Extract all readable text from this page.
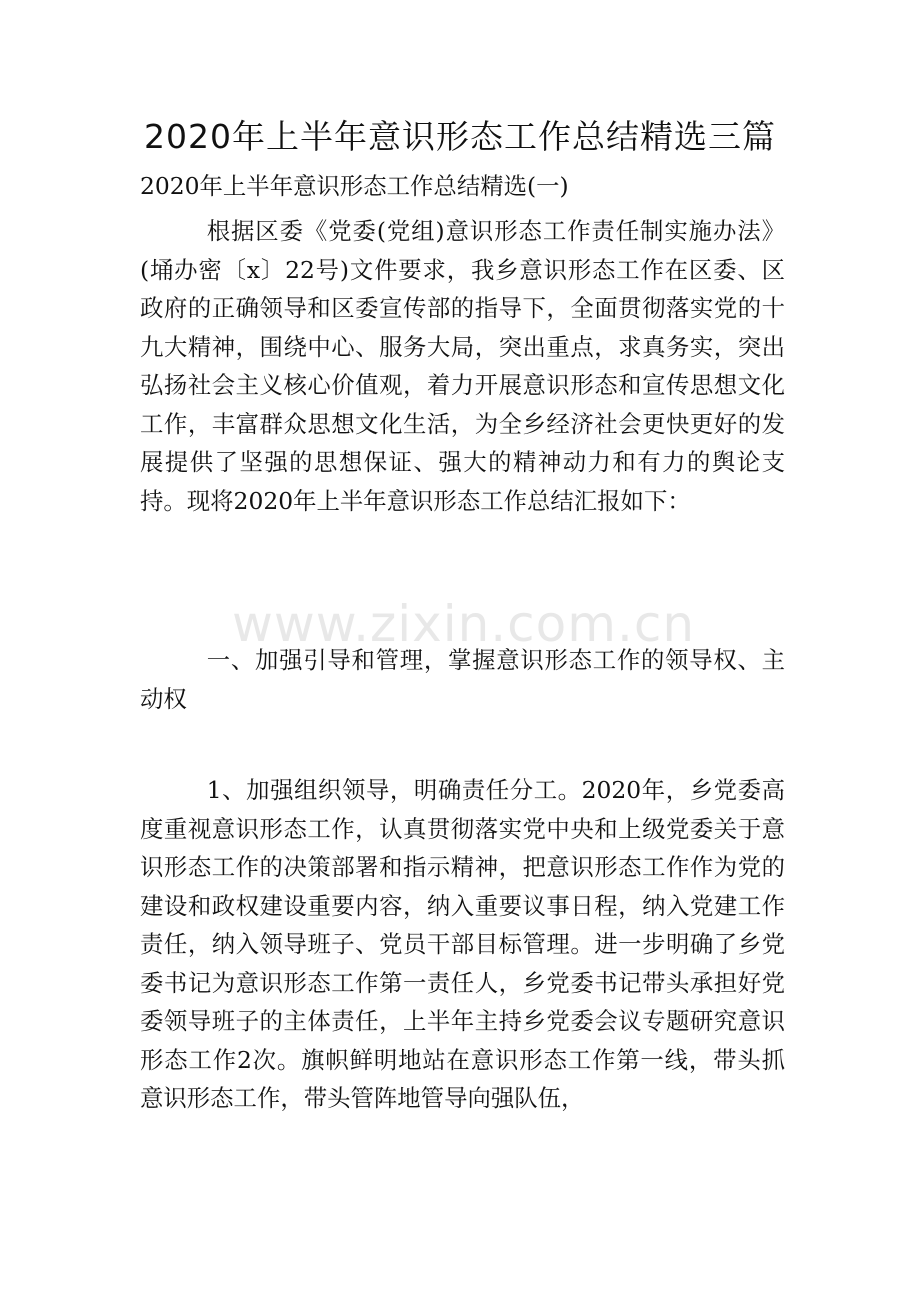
2020年上半年意识形态工作总结精选三篇

2020年上半年意识形态工作总结精选(一)

根据区委《党委(党组)意识形态工作责任制实施办法》(埇办密〔x〕22号)文件要求，我乡意识形态工作在区委、区政府的正确领导和区委宣传部的指导下，全面贯彻落实党的十九大精神，围绕中心、服务大局，突出重点，求真务实，突出弘扬社会主义核心价值观，着力开展意识形态和宣传思想文化工作，丰富群众思想文化生活，为全乡经济社会更快更好的发展提供了坚强的思想保证、强大的精神动力和有力的舆论支持。现将2020年上半年意识形态工作总结汇报如下：

www.zixin.com.cn

一、加强引导和管理，掌握意识形态工作的领导权、主动权

1、加强组织领导，明确责任分工。2020年，乡党委高度重视意识形态工作，认真贯彻落实党中央和上级党委关于意识形态工作的决策部署和指示精神，把意识形态工作作为党的建设和政权建设重要内容，纳入重要议事日程，纳入党建工作责任，纳入领导班子、党员干部目标管理。进一步明确了乡党委书记为意识形态工作第一责任人，乡党委书记带头承担好党委领导班子的主体责任，上半年主持乡党委会议专题研究意识形态工作2次。旗帜鲜明地站在意识形态工作第一线，带头抓意识形态工作，带头管阵地管导向强队伍，
